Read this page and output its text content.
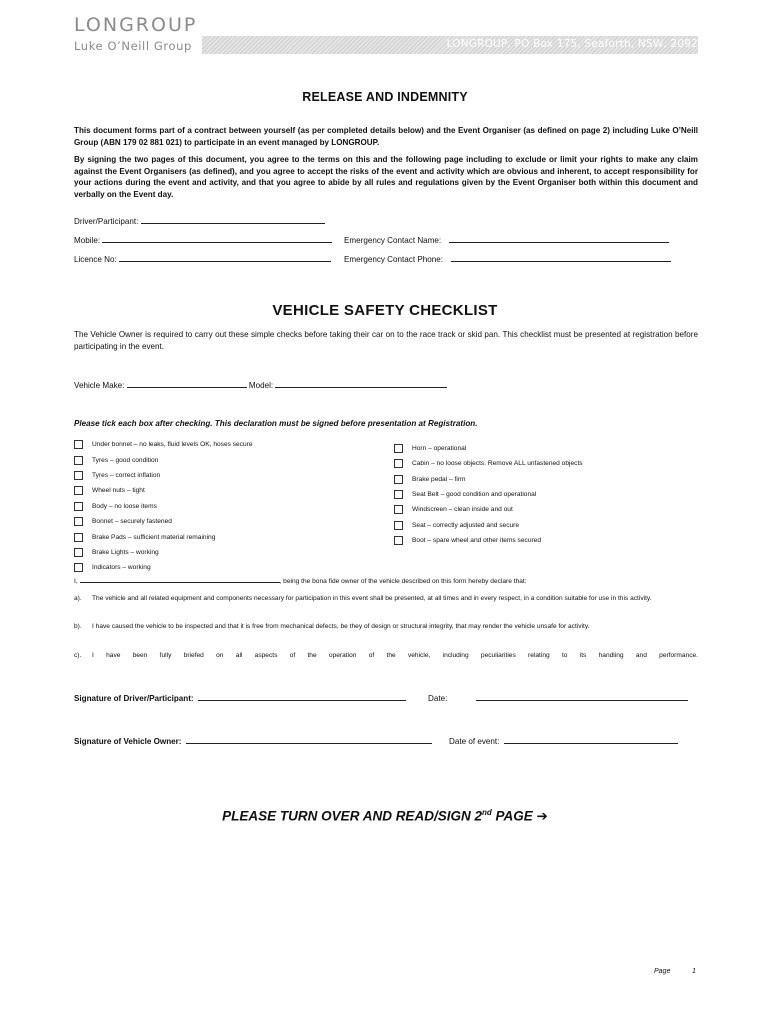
LONGROUP
Luke O’Neill Group	LONGROUP, PO Box 175, Seaforth, NSW, 2092
RELEASE AND INDEMNITY
This document forms part of a contract between yourself (as per completed details below) and the Event Organiser (as defined on page 2) including Luke O’Neill Group (ABN 179 02 881 021) to participate in an event managed by LONGROUP.
By signing the two pages of this document, you agree to the terms on this and the following page including to exclude or limit your rights to make any claim against the Event Organisers (as defined), and you agree to accept the risks of the event and activity which are obvious and inherent, to accept responsibility for your actions during the event and activity, and that you agree to abide by all rules and regulations given by the Event Organiser both within this document and verbally on the Event day.
Driver/Participant:
Mobile:	Emergency Contact Name:
Licence No:	Emergency Contact Phone:
VEHICLE SAFETY CHECKLIST
The Vehicle Owner is required to carry out these simple checks before taking their car on to the race track or skid pan. This checklist must be presented at registration before participating in the event.
Vehicle Make:	Model:
Please tick each box after checking. This declaration must be signed before presentation at Registration.
Under bonnet – no leaks, fluid levels OK, hoses secure
Tyres – good condition
Tyres – correct inflation
Wheel nuts – tight
Body – no loose items
Bonnet – securely fastened
Brake Pads – sufficient material remaining
Brake Lights – working
Indicators – working
Horn – operational
Cabin – no loose objects. Remove ALL unfastened objects
Brake pedal – firm
Seat Belt – good condition and operational
Windscreen – clean inside and out
Seat – correctly adjusted and secure
Boot – spare wheel and other items secured
I,	, being the bona fide owner of the vehicle described on this form hereby declare that:
a).	The vehicle and all related equipment and components necessary for participation in this event shall be presented, at all times and in every respect, in a condition suitable for use in this activity.
b).	I have caused the vehicle to be inspected and that it is free from mechanical defects, be they of design or structural integrity, that may render the vehicle unsafe for activity.
c).	I have been fully briefed on all aspects of the operation of the vehicle, including peculiarities relating to its handling and performance.
Signature of Driver/Participant:	Date:
Signature of Vehicle Owner:	Date of event:
PLEASE TURN OVER AND READ/SIGN 2nd PAGE ➔
Page	1
